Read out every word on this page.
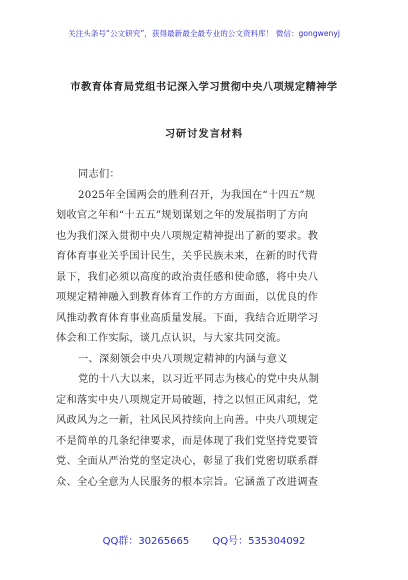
关注头条号“公文研究”，获得最新最全最专业的公文资料库！ 微信：gongwenyj
市教育体育局党组书记深入学习贯彻中央八项规定精神学
习研讨发言材料
同志们：
2025年全国两会的胜利召开，为我国在“十四五”规
划收官之年和“十五五”规划谋划之年的发展指明了方向
也为我们深入贯彻中央八项规定精神提出了新的要求。教
育体育事业关乎国计民生，关乎民族未来，在新的时代背
景下，我们必须以高度的政治责任感和使命感，将中央八
项规定精神融入到教育体育工作的方方面面，以优良的作
风推动教育体育事业高质量发展。下面，我结合近期学习
体会和工作实际，谈几点认识，与大家共同交流。
一、深刻领会中央八项规定精神的内涵与意义
党的十八大以来，以习近平同志为核心的党中央从制
定和落实中央八项规定开局破题，持之以恒正风肃纪，党
风政风为之一新，社风民风持续向上向善。中央八项规定
不是简单的几条纪律要求，而是体现了我们党坚持党要管
党、全面从严治党的坚定决心，彰显了我们党密切联系群
众、全心全意为人民服务的根本宗旨。它涵盖了改进调查
QQ群：30265665 QQ号：535304092
